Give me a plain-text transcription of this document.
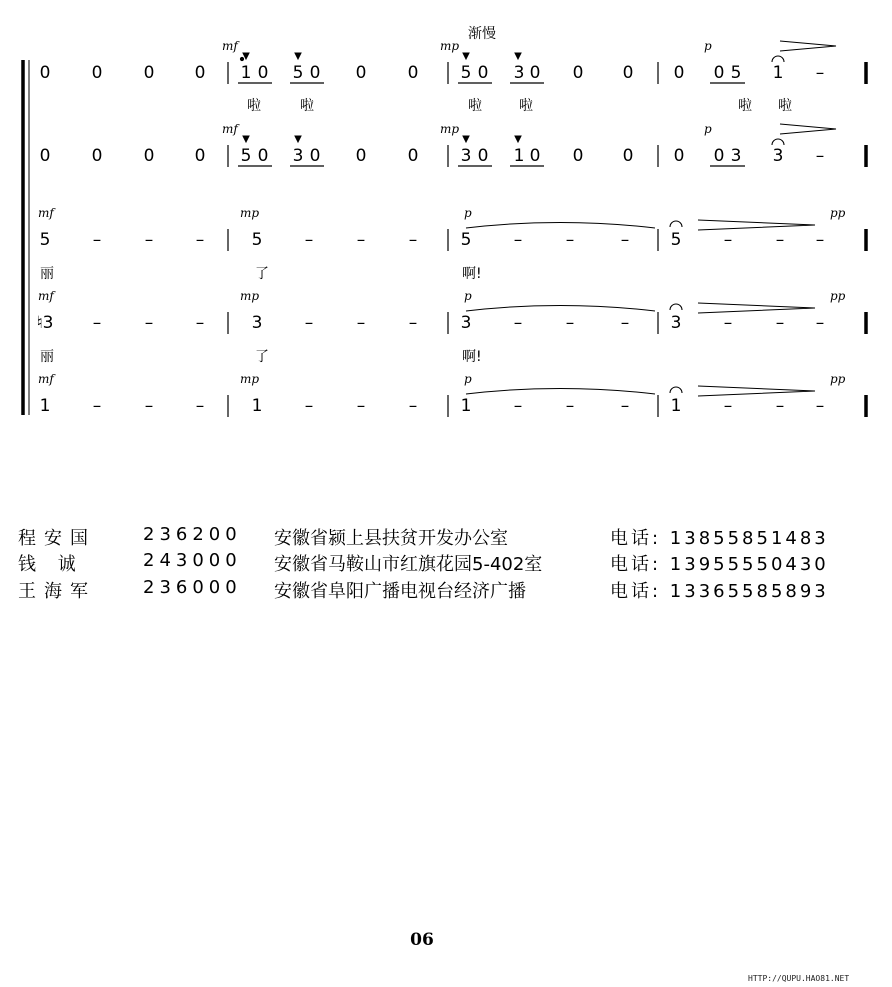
0 0 0 0 1 0 5 0 0 0 5 0 3 0 0 0 0 0 5 1 –
0 0 0 0 5 0 3 0 0 0 3 0 1 0 0 0 0 0 3 3 –
5 –	–	–	5 –	–	–	5 –	–	– 5 –	– –
♮3 –	–	–	3 –	–	–	3 –	–	– 3 –	– –
1 –	–	–	1 –	–	–	1 –	–	– 1 –	– –
mf	mp	p
mf	mp	p
mf	mp	p	pp
mf	mp	p	pp
mf	mp	p	pp
啦	啦	啦	啦	啦 啦
丽	了	啊!
丽	了	啊!
渐慢
程安国	236200 安徽省颍上县扶贫开发办公室	电话: 13855851483
钱 诚	243000 安徽省马鞍山市红旗花园5-402室	电话: 13955550430
王海军	236000 安徽省阜阳广播电视台经济广播	电话: 13365585893
06
HTTP://QUPU.HAO81.NET
